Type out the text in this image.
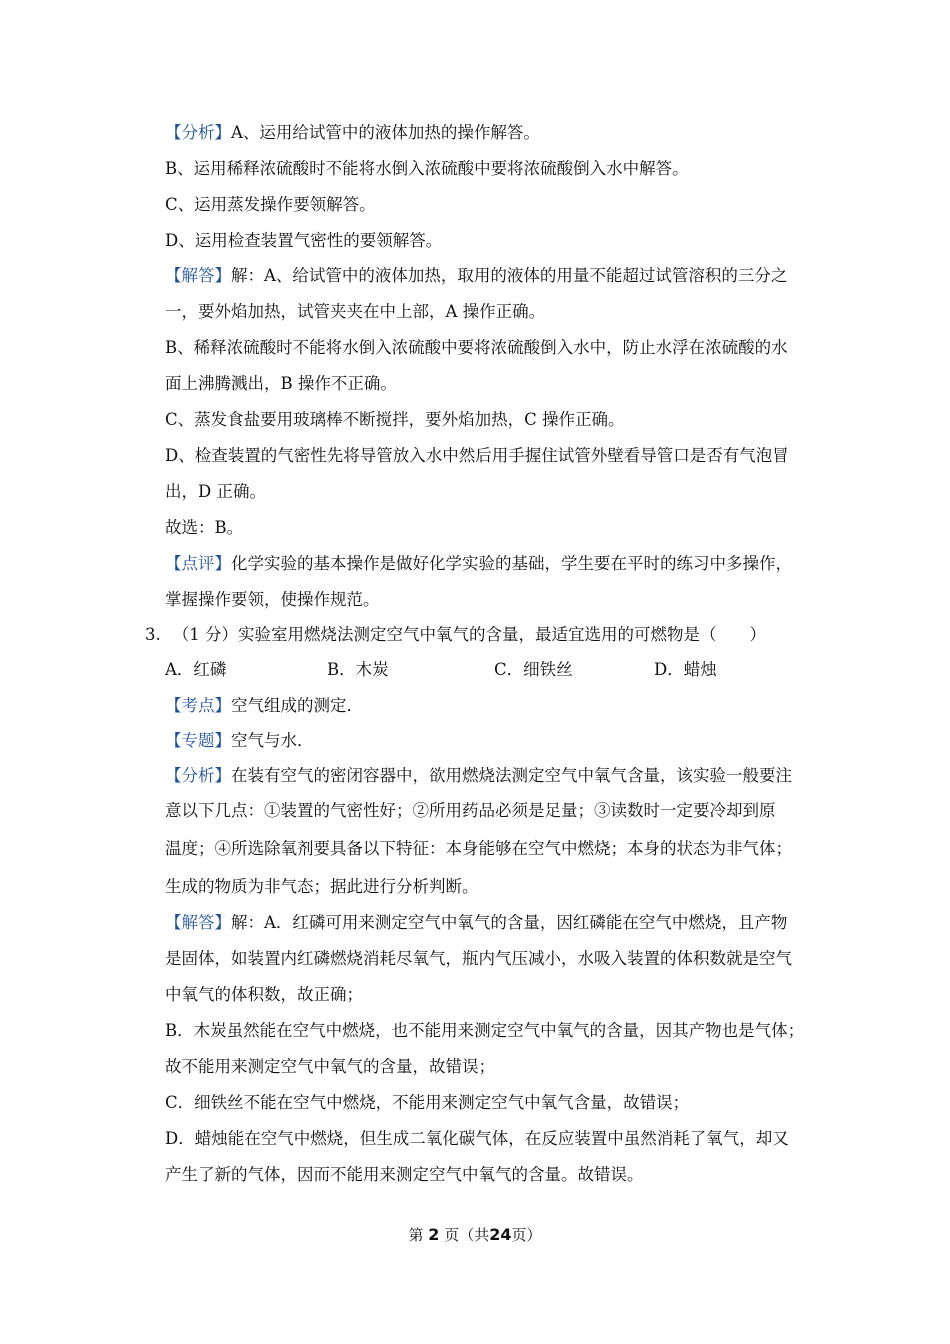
【分析】A、运用给试管中的液体加热的操作解答。
B、运用稀释浓硫酸时不能将水倒入浓硫酸中要将浓硫酸倒入水中解答。
C、运用蒸发操作要领解答。
D、运用检查装置气密性的要领解答。
【解答】解：A、给试管中的液体加热，取用的液体的用量不能超过试管溶积的三分之
一，要外焰加热，试管夹夹在中上部，A 操作正确。
B、稀释浓硫酸时不能将水倒入浓硫酸中要将浓硫酸倒入水中，防止水浮在浓硫酸的水
面上沸腾溅出，B 操作不正确。
C、蒸发食盐要用玻璃棒不断搅拌，要外焰加热，C 操作正确。
D、检查装置的气密性先将导管放入水中然后用手握住试管外壁看导管口是否有气泡冒
出，D 正确。
故选：B。
【点评】化学实验的基本操作是做好化学实验的基础，学生要在平时的练习中多操作，
掌握操作要领，使操作规范。
3. （1 分）实验室用燃烧法测定空气中氧气的含量，最适宜选用的可燃物是（　　）
A．红磷	B．木炭	C．细铁丝	D．蜡烛
【考点】空气组成的测定．
【专题】空气与水．
【分析】在装有空气的密闭容器中，欲用燃烧法测定空气中氧气含量，该实验一般要注
意以下几点：①装置的气密性好；②所用药品必须是足量；③读数时一定要冷却到原
温度；④所选除氧剂要具备以下特征：本身能够在空气中燃烧；本身的状态为非气体；
生成的物质为非气态；据此进行分析判断。
【解答】解：A．红磷可用来测定空气中氧气的含量，因红磷能在空气中燃烧，且产物
是固体，如装置内红磷燃烧消耗尽氧气，瓶内气压减小，水吸入装置的体积数就是空气
中氧气的体积数，故正确；
B．木炭虽然能在空气中燃烧，也不能用来测定空气中氧气的含量，因其产物也是气体；
故不能用来测定空气中氧气的含量，故错误；
C．细铁丝不能在空气中燃烧，不能用来测定空气中氧气含量，故错误；
D．蜡烛能在空气中燃烧，但生成二氧化碳气体，在反应装置中虽然消耗了氧气，却又
产生了新的气体，因而不能用来测定空气中氧气的含量。故错误。
第 2 页（共24页）
